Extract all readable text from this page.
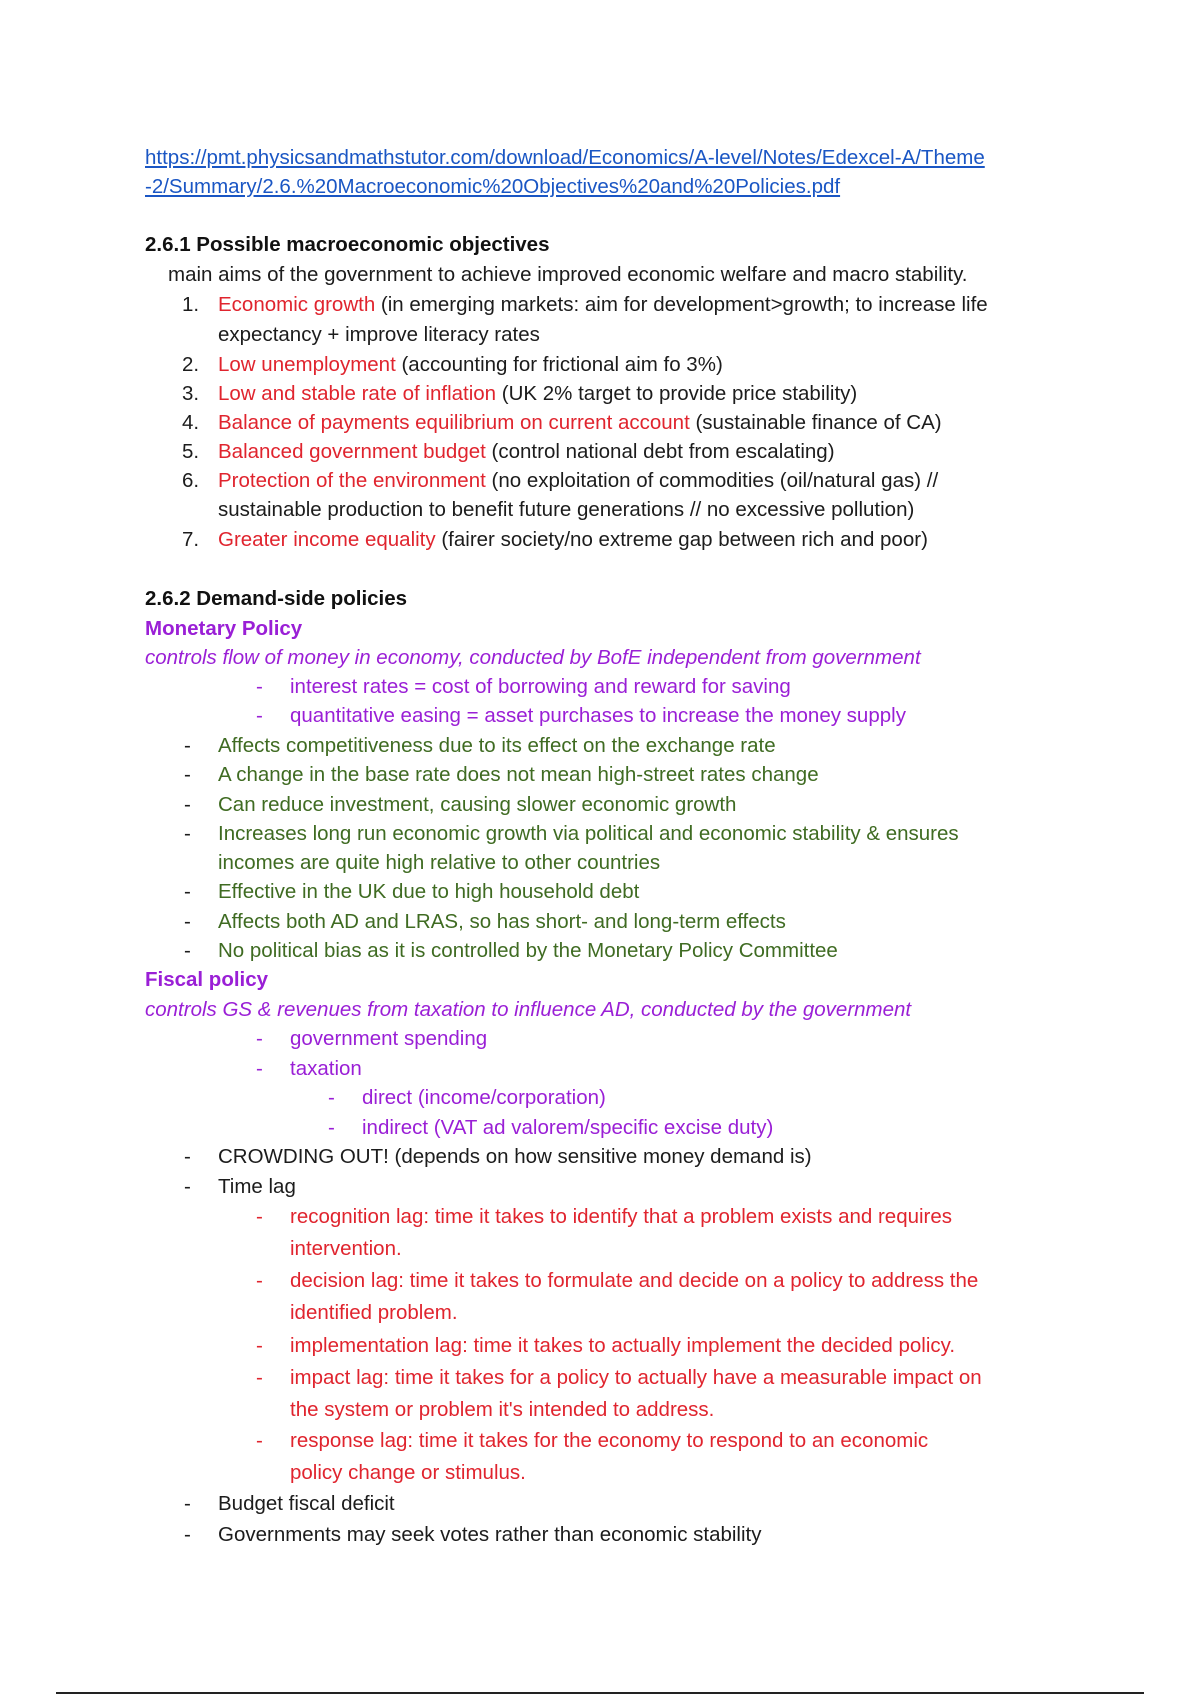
https://pmt.physicsandmathstutor.com/download/Economics/A-level/Notes/Edexcel-A/Theme
-2/Summary/2.6.%20Macroeconomic%20Objectives%20and%20Policies.pdf
2.6.1 Possible macroeconomic objectives
main aims of the government to achieve improved economic welfare and macro stability.
1. Economic growth (in emerging markets: aim for development>growth; to increase life
expectancy + improve literacy rates
2. Low unemployment (accounting for frictional aim fo 3%)
3. Low and stable rate of inflation (UK 2% target to provide price stability)
4. Balance of payments equilibrium on current account (sustainable finance of CA)
5. Balanced government budget (control national debt from escalating)
6. Protection of the environment (no exploitation of commodities (oil/natural gas) //
sustainable production to benefit future generations // no excessive pollution)
7. Greater income equality (fairer society/no extreme gap between rich and poor)
2.6.2 Demand-side policies
Monetary Policy
controls flow of money in economy, conducted by BofE independent from government
- interest rates = cost of borrowing and reward for saving
- quantitative easing = asset purchases to increase the money supply
- Affects competitiveness due to its effect on the exchange rate
- A change in the base rate does not mean high-street rates change
- Can reduce investment, causing slower economic growth
- Increases long run economic growth via political and economic stability & ensures
incomes are quite high relative to other countries
- Effective in the UK due to high household debt
- Affects both AD and LRAS, so has short- and long-term effects
- No political bias as it is controlled by the Monetary Policy Committee
Fiscal policy
controls GS & revenues from taxation to influence AD, conducted by the government
- government spending
- taxation
- direct (income/corporation)
- indirect (VAT ad valorem/specific excise duty)
- CROWDING OUT! (depends on how sensitive money demand is)
- Time lag
- recognition lag: time it takes to identify that a problem exists and requires
intervention.
- decision lag: time it takes to formulate and decide on a policy to address the
identified problem.
- implementation lag: time it takes to actually implement the decided policy.
- impact lag: time it takes for a policy to actually have a measurable impact on
the system or problem it's intended to address.
- response lag: time it takes for the economy to respond to an economic
policy change or stimulus.
- Budget fiscal deficit
- Governments may seek votes rather than economic stability
